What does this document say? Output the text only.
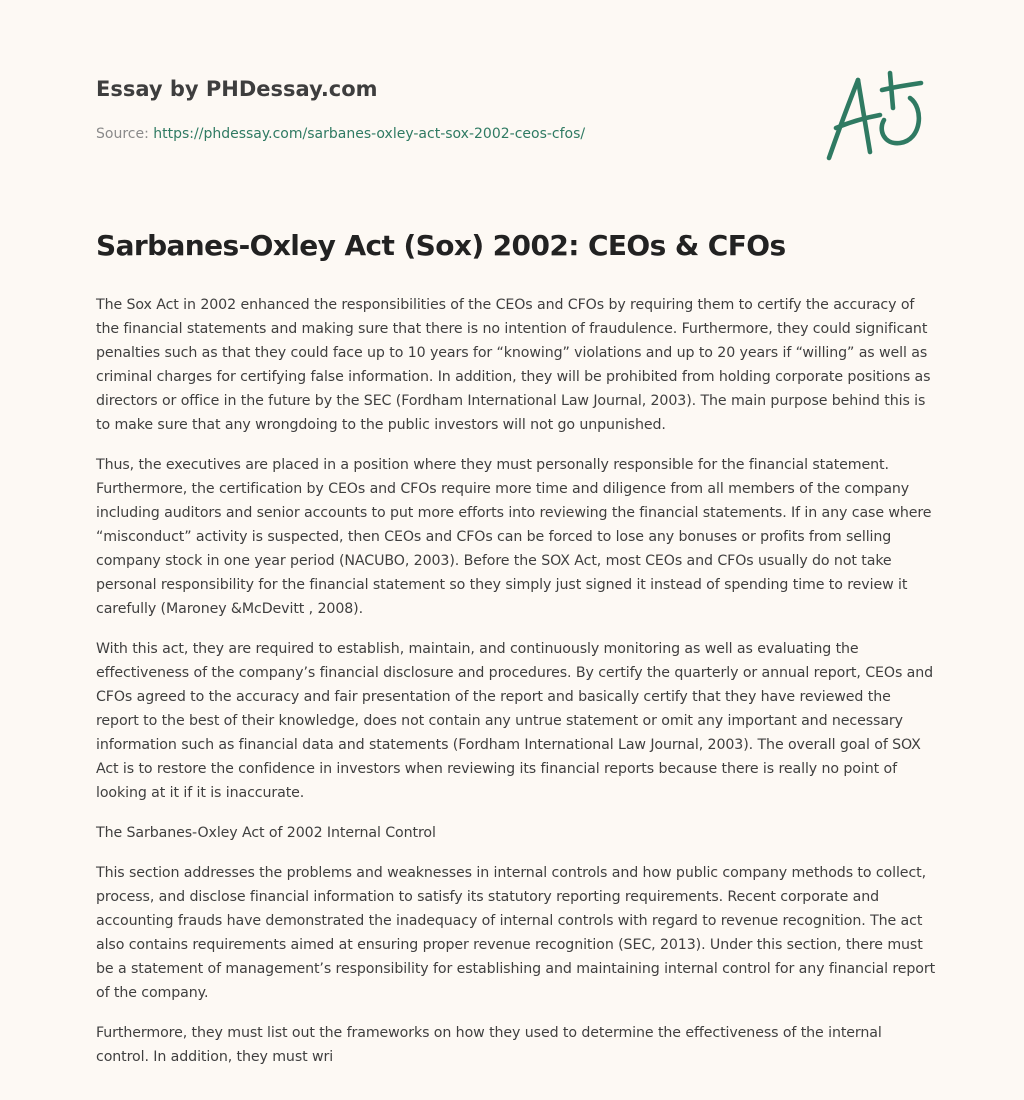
Essay by PHDessay.com
Source: https://phdessay.com/sarbanes-oxley-act-sox-2002-ceos-cfos/
Sarbanes-Oxley Act (Sox) 2002: CEOs & CFOs

The Sox Act in 2002 enhanced the responsibilities of the CEOs and CFOs by requiring them to certify the accuracy of the financial statements and making sure that there is no intention of fraudulence. Furthermore, they could significant penalties such as that they could face up to 10 years for “knowing” violations and up to 20 years if “willing” as well as criminal charges for certifying false information. In addition, they will be prohibited from holding corporate positions as directors or office in the future by the SEC (Fordham International Law Journal, 2003). The main purpose behind this is to make sure that any wrongdoing to the public investors will not go unpunished.

Thus, the executives are placed in a position where they must personally responsible for the financial statement. Furthermore, the certification by CEOs and CFOs require more time and diligence from all members of the company including auditors and senior accounts to put more efforts into reviewing the financial statements. If in any case where “misconduct” activity is suspected, then CEOs and CFOs can be forced to lose any bonuses or profits from selling company stock in one year period (NACUBO, 2003). Before the SOX Act, most CEOs and CFOs usually do not take personal responsibility for the financial statement so they simply just signed it instead of spending time to review it carefully (Maroney &McDevitt , 2008).

With this act, they are required to establish, maintain, and continuously monitoring as well as evaluating the effectiveness of the company’s financial disclosure and procedures. By certify the quarterly or annual report, CEOs and CFOs agreed to the accuracy and fair presentation of the report and basically certify that they have reviewed the report to the best of their knowledge, does not contain any untrue statement or omit any important and necessary information such as financial data and statements (Fordham International Law Journal, 2003). The overall goal of SOX Act is to restore the confidence in investors when reviewing its financial reports because there is really no point of looking at it if it is inaccurate.

The Sarbanes-Oxley Act of 2002 Internal Control

This section addresses the problems and weaknesses in internal controls and how public company methods to collect, process, and disclose financial information to satisfy its statutory reporting requirements. Recent corporate and accounting frauds have demonstrated the inadequacy of internal controls with regard to revenue recognition. The act also contains requirements aimed at ensuring proper revenue recognition (SEC, 2013). Under this section, there must be a statement of management’s responsibility for establishing and maintaining internal control for any financial report of the company.

Furthermore, they must list out the frameworks on how they used to determine the effectiveness of the internal control. In addition, they must wri
